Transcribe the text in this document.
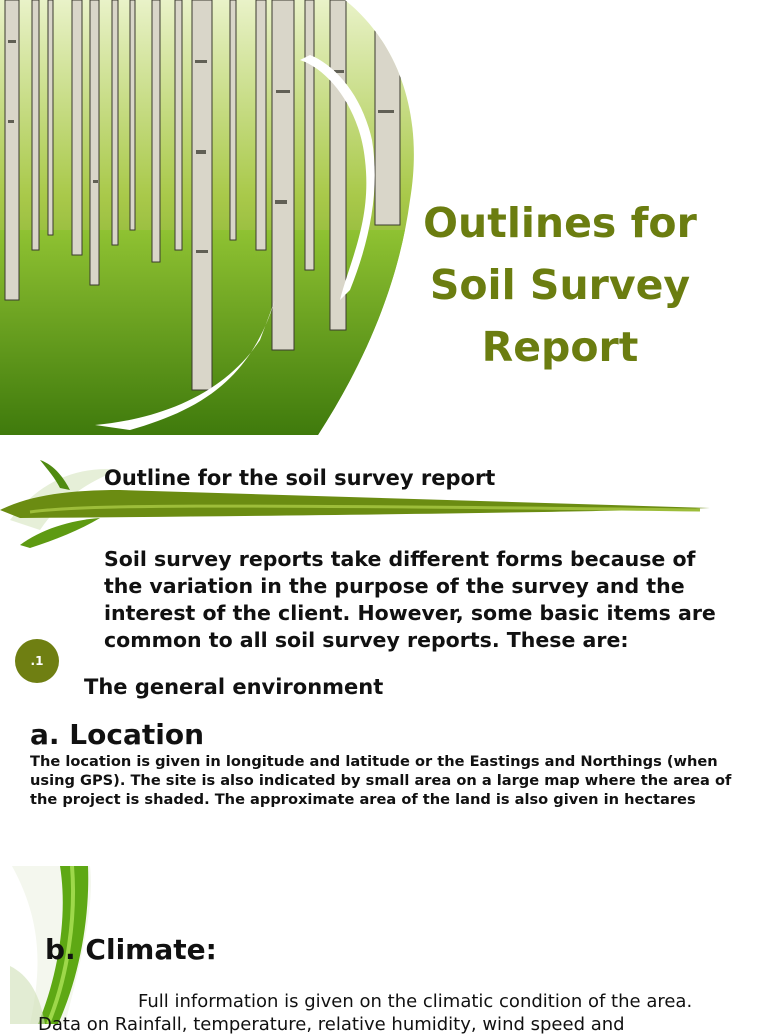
Outlines for
Soil Survey
Report
Outline for the soil survey report
Soil survey reports take different forms because of the variation in the purpose of the survey and the interest of the client. However, some basic items are common to all soil survey reports. These are:
.1
The general environment
a. Location
The location is given in longitude and latitude or the Eastings and Northings (when using GPS). The site is also indicated by small area on a large map where the area of the project is shaded. The approximate area of the land is also given in hectares
b. Climate:
Full information is given on the climatic condition of the area. Data on Rainfall, temperature, relative humidity, wind speed and
